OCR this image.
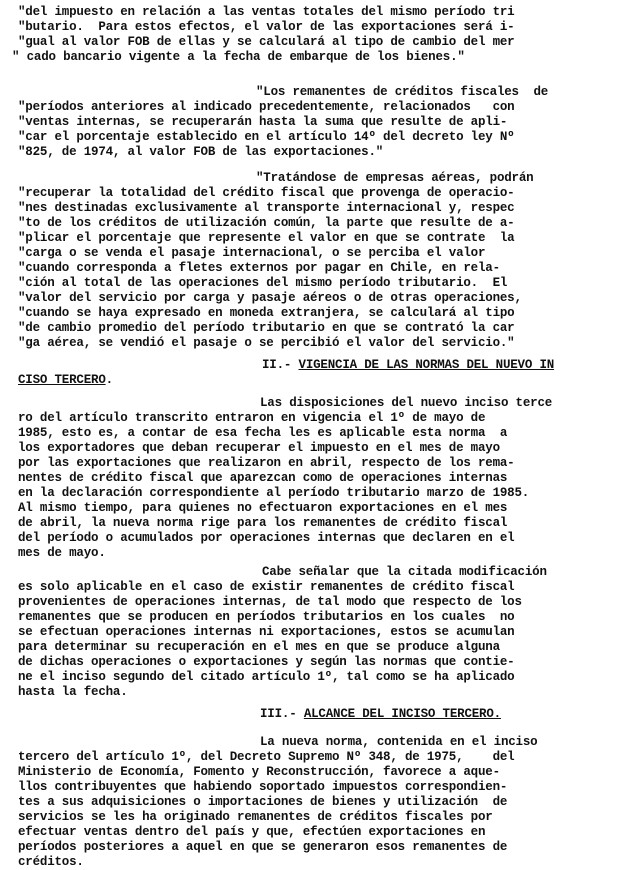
"del impuesto en relación a las ventas totales del mismo período tri
"butario.  Para estos efectos, el valor de las exportaciones será i-
"gual al valor FOB de ellas y se calculará al tipo de cambio del mer
" cado bancario vigente a la fecha de embarque de los bienes."
"Los remanentes de créditos fiscales  de
"períodos anteriores al indicado precedentemente, relacionados   con
"ventas internas, se recuperarán hasta la suma que resulte de apli-
"car el porcentaje establecido en el artículo 14º del decreto ley Nº
"825, de 1974, al valor FOB de las exportaciones."
"Tratándose de empresas aéreas, podrán
"recuperar la totalidad del crédito fiscal que provenga de operacio-
"nes destinadas exclusivamente al transporte internacional y, respec
"to de los créditos de utilización común, la parte que resulte de a-
"plicar el porcentaje que represente el valor en que se contrate  la
"carga o se venda el pasaje internacional, o se perciba el valor
"cuando corresponda a fletes externos por pagar en Chile, en rela-
"ción al total de las operaciones del mismo período tributario.  El
"valor del servicio por carga y pasaje aéreos o de otras operaciones,
"cuando se haya expresado en moneda extranjera, se calculará al tipo
"de cambio promedio del período tributario en que se contrató la car
"ga aérea, se vendió el pasaje o se percibió el valor del servicio."
II.- VIGENCIA DE LAS NORMAS DEL NUEVO IN
CISO TERCERO.
Las disposiciones del nuevo inciso terce
ro del artículo transcrito entraron en vigencia el 1º de mayo de
1985, esto es, a contar de esa fecha les es aplicable esta norma  a
los exportadores que deban recuperar el impuesto en el mes de mayo
por las exportaciones que realizaron en abril, respecto de los rema-
nentes de crédito fiscal que aparezcan como de operaciones internas
en la declaración correspondiente al período tributario marzo de 1985.
Al mismo tiempo, para quienes no efectuaron exportaciones en el mes
de abril, la nueva norma rige para los remanentes de crédito fiscal
del período o acumulados por operaciones internas que declaren en el
mes de mayo.
Cabe señalar que la citada modificación
es solo aplicable en el caso de existir remanentes de crédito fiscal
provenientes de operaciones internas, de tal modo que respecto de los
remanentes que se producen en períodos tributarios en los cuales  no
se efectuan operaciones internas ni exportaciones, estos se acumulan
para determinar su recuperación en el mes en que se produce alguna
de dichas operaciones o exportaciones y según las normas que contie-
ne el inciso segundo del citado artículo 1º, tal como se ha aplicado
hasta la fecha.
III.- ALCANCE DEL INCISO TERCERO.
La nueva norma, contenida en el inciso
tercero del artículo 1º, del Decreto Supremo Nº 348, de 1975,    del
Ministerio de Economía, Fomento y Reconstrucción, favorece a aque-
llos contribuyentes que habiendo soportado impuestos correspondien-
tes a sus adquisiciones o importaciones de bienes y utilización  de
servicios se les ha originado remanentes de créditos fiscales por
efectuar ventas dentro del país y que, efectúen exportaciones en
períodos posteriores a aquel en que se generaron esos remanentes de
créditos.
